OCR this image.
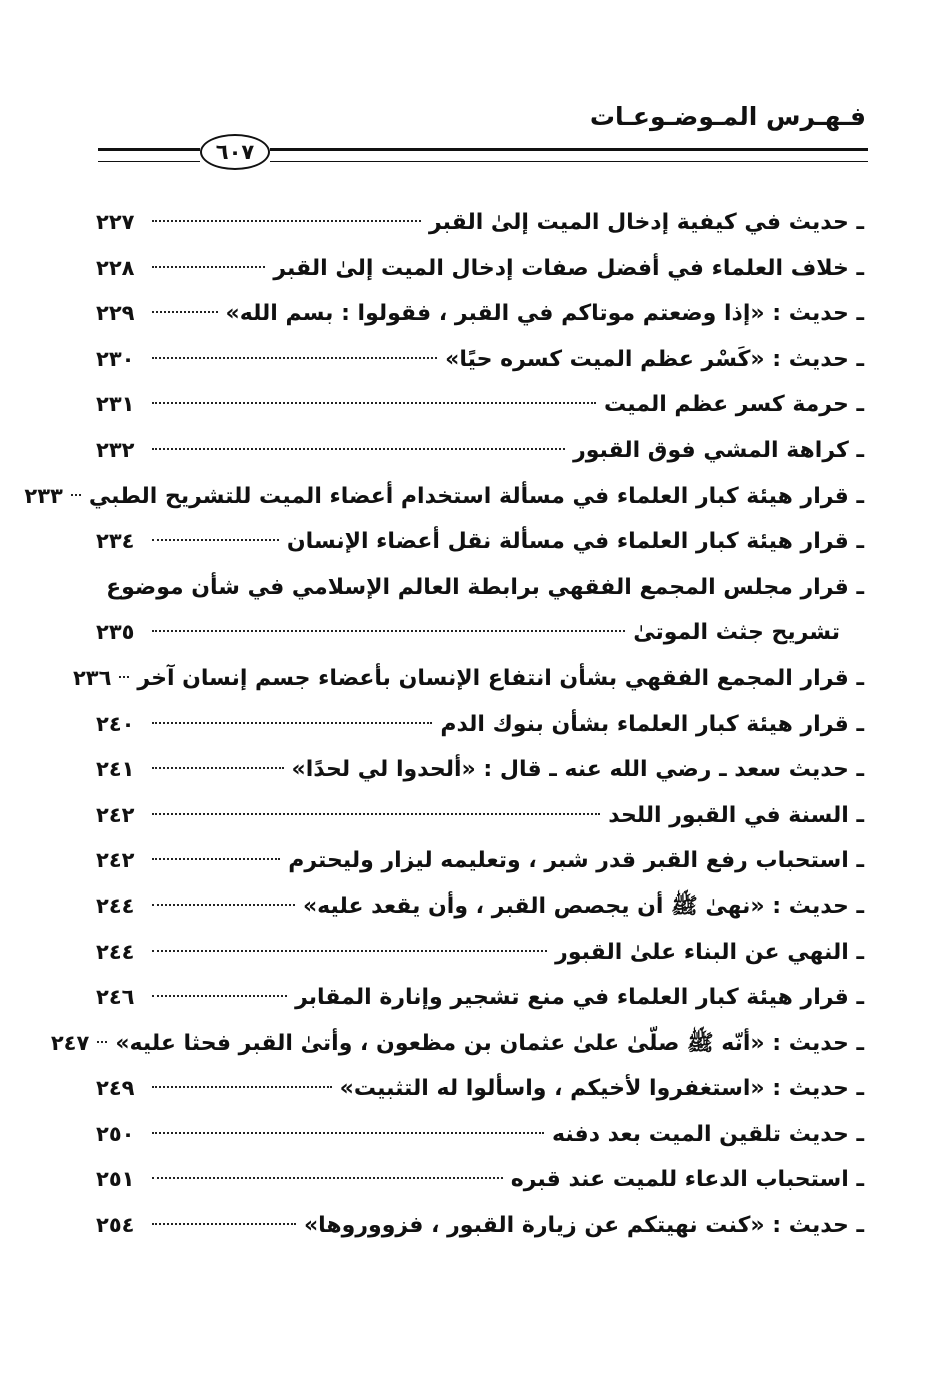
فـهـرس المـوضـوعـات
٦٠٧
ـ حديث في كيفية إدخال الميت إلىٰ القبر
٢٢٧
ـ خلاف العلماء في أفضل صفات إدخال الميت إلىٰ القبر
٢٢٨
ـ حديث : «إذا وضعتم موتاكم في القبر ، فقولوا : بسم الله»
٢٢٩
ـ حديث : «كَسْر عظم الميت كسره حيًا»
٢٣٠
ـ حرمة كسر عظم الميت
٢٣١
ـ كراهة المشي فوق القبور
٢٣٢
ـ قرار هيئة كبار العلماء في مسألة استخدام أعضاء الميت للتشريح الطبي
٢٣٣
ـ قرار هيئة كبار العلماء في مسألة نقل أعضاء الإنسان
٢٣٤
ـ قرار مجلس المجمع الفقهي برابطة العالم الإسلامي في شأن موضوع
تشريح جثث الموتىٰ
٢٣٥
ـ قرار المجمع الفقهي بشأن انتفاع الإنسان بأعضاء جسم إنسان آخر
٢٣٦
ـ قرار هيئة كبار العلماء بشأن بنوك الدم
٢٤٠
ـ حديث سعد ـ رضي الله عنه ـ قال : «ألحدوا لي لحدًا»
٢٤١
ـ السنة في القبور اللحد
٢٤٢
ـ استحباب رفع القبر قدر شبر ، وتعليمه ليزار وليحترم
٢٤٢
ـ حديث : «نهىٰ ﷺ أن يجصص القبر ، وأن يقعد عليه»
٢٤٤
ـ النهي عن البناء علىٰ القبور
٢٤٤
ـ قرار هيئة كبار العلماء في منع تشجير وإنارة المقابر
٢٤٦
ـ حديث : «أنّه ﷺ صلّىٰ علىٰ عثمان بن مظعون ، وأتىٰ القبر فحثا عليه»
٢٤٧
ـ حديث : «استغفروا لأخيكم ، واسألوا له التثبيت»
٢٤٩
ـ حديث تلقين الميت بعد دفنه
٢٥٠
ـ استحباب الدعاء للميت عند قبره
٢٥١
ـ حديث : «كنت نهيتكم عن زيارة القبور ، فزووروها»
٢٥٤
